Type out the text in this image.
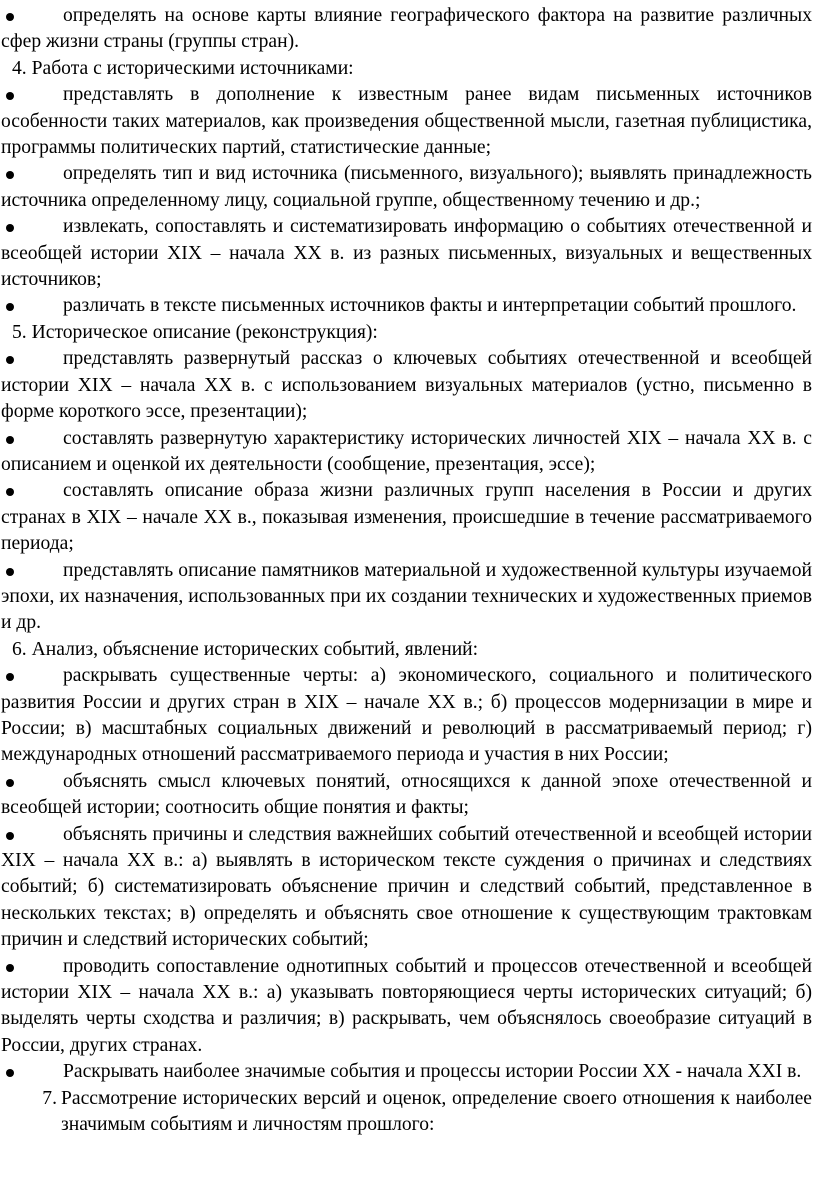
определять на основе карты влияние географического фактора на развитие различных сфер жизни страны (группы стран).

4. Работа с историческими источниками:

представлять в дополнение к известным ранее видам письменных источников особенности таких материалов, как произведения общественной мысли, газетная публицистика, программы политических партий, статистические данные;

определять тип и вид источника (письменного, визуального); выявлять принадлежность источника определенному лицу, социальной группе, общественному течению и др.;

извлекать, сопоставлять и систематизировать информацию о событиях отечественной и всеобщей истории XIX – начала XX в. из разных письменных, визуальных и вещественных источников;

различать в тексте письменных источников факты и интерпретации событий прошлого.

5. Историческое описание (реконструкция):

представлять развернутый рассказ о ключевых событиях отечественной и всеобщей истории XIX – начала XX в. с использованием визуальных материалов (устно, письменно в форме короткого эссе, презентации);

составлять развернутую характеристику исторических личностей XIX – начала XX в. с описанием и оценкой их деятельности (сообщение, презентация, эссе);

составлять описание образа жизни различных групп населения в России и других странах в XIX – начале XX в., показывая изменения, происшедшие в течение рассматриваемого периода;

представлять описание памятников материальной и художественной культуры изучаемой эпохи, их назначения, использованных при их создании технических и художественных приемов и др.

6. Анализ, объяснение исторических событий, явлений:

раскрывать существенные черты: а) экономического, социального и политического развития России и других стран в XIX – начале XX в.; б) процессов модернизации в мире и России; в) масштабных социальных движений и революций в рассматриваемый период; г) международных отношений рассматриваемого периода и участия в них России;

объяснять смысл ключевых понятий, относящихся к данной эпохе отечественной и всеобщей истории; соотносить общие понятия и факты;

объяснять причины и следствия важнейших событий отечественной и всеобщей истории XIX – начала XX в.: а) выявлять в историческом тексте суждения о причинах и следствиях событий; б) систематизировать объяснение причин и следствий событий, представленное в нескольких текстах; в) определять и объяснять свое отношение к существующим трактовкам причин и следствий исторических событий;

проводить сопоставление однотипных событий и процессов отечественной и всеобщей истории XIX – начала XX в.: а) указывать повторяющиеся черты исторических ситуаций; б) выделять черты сходства и различия; в) раскрывать, чем объяснялось своеобразие ситуаций в России, других странах.

Раскрывать наиболее значимые события и процессы истории России XX - начала XXI в.

7. Рассмотрение исторических версий и оценок, определение своего отношения к наиболее значимым событиям и личностям прошлого:
